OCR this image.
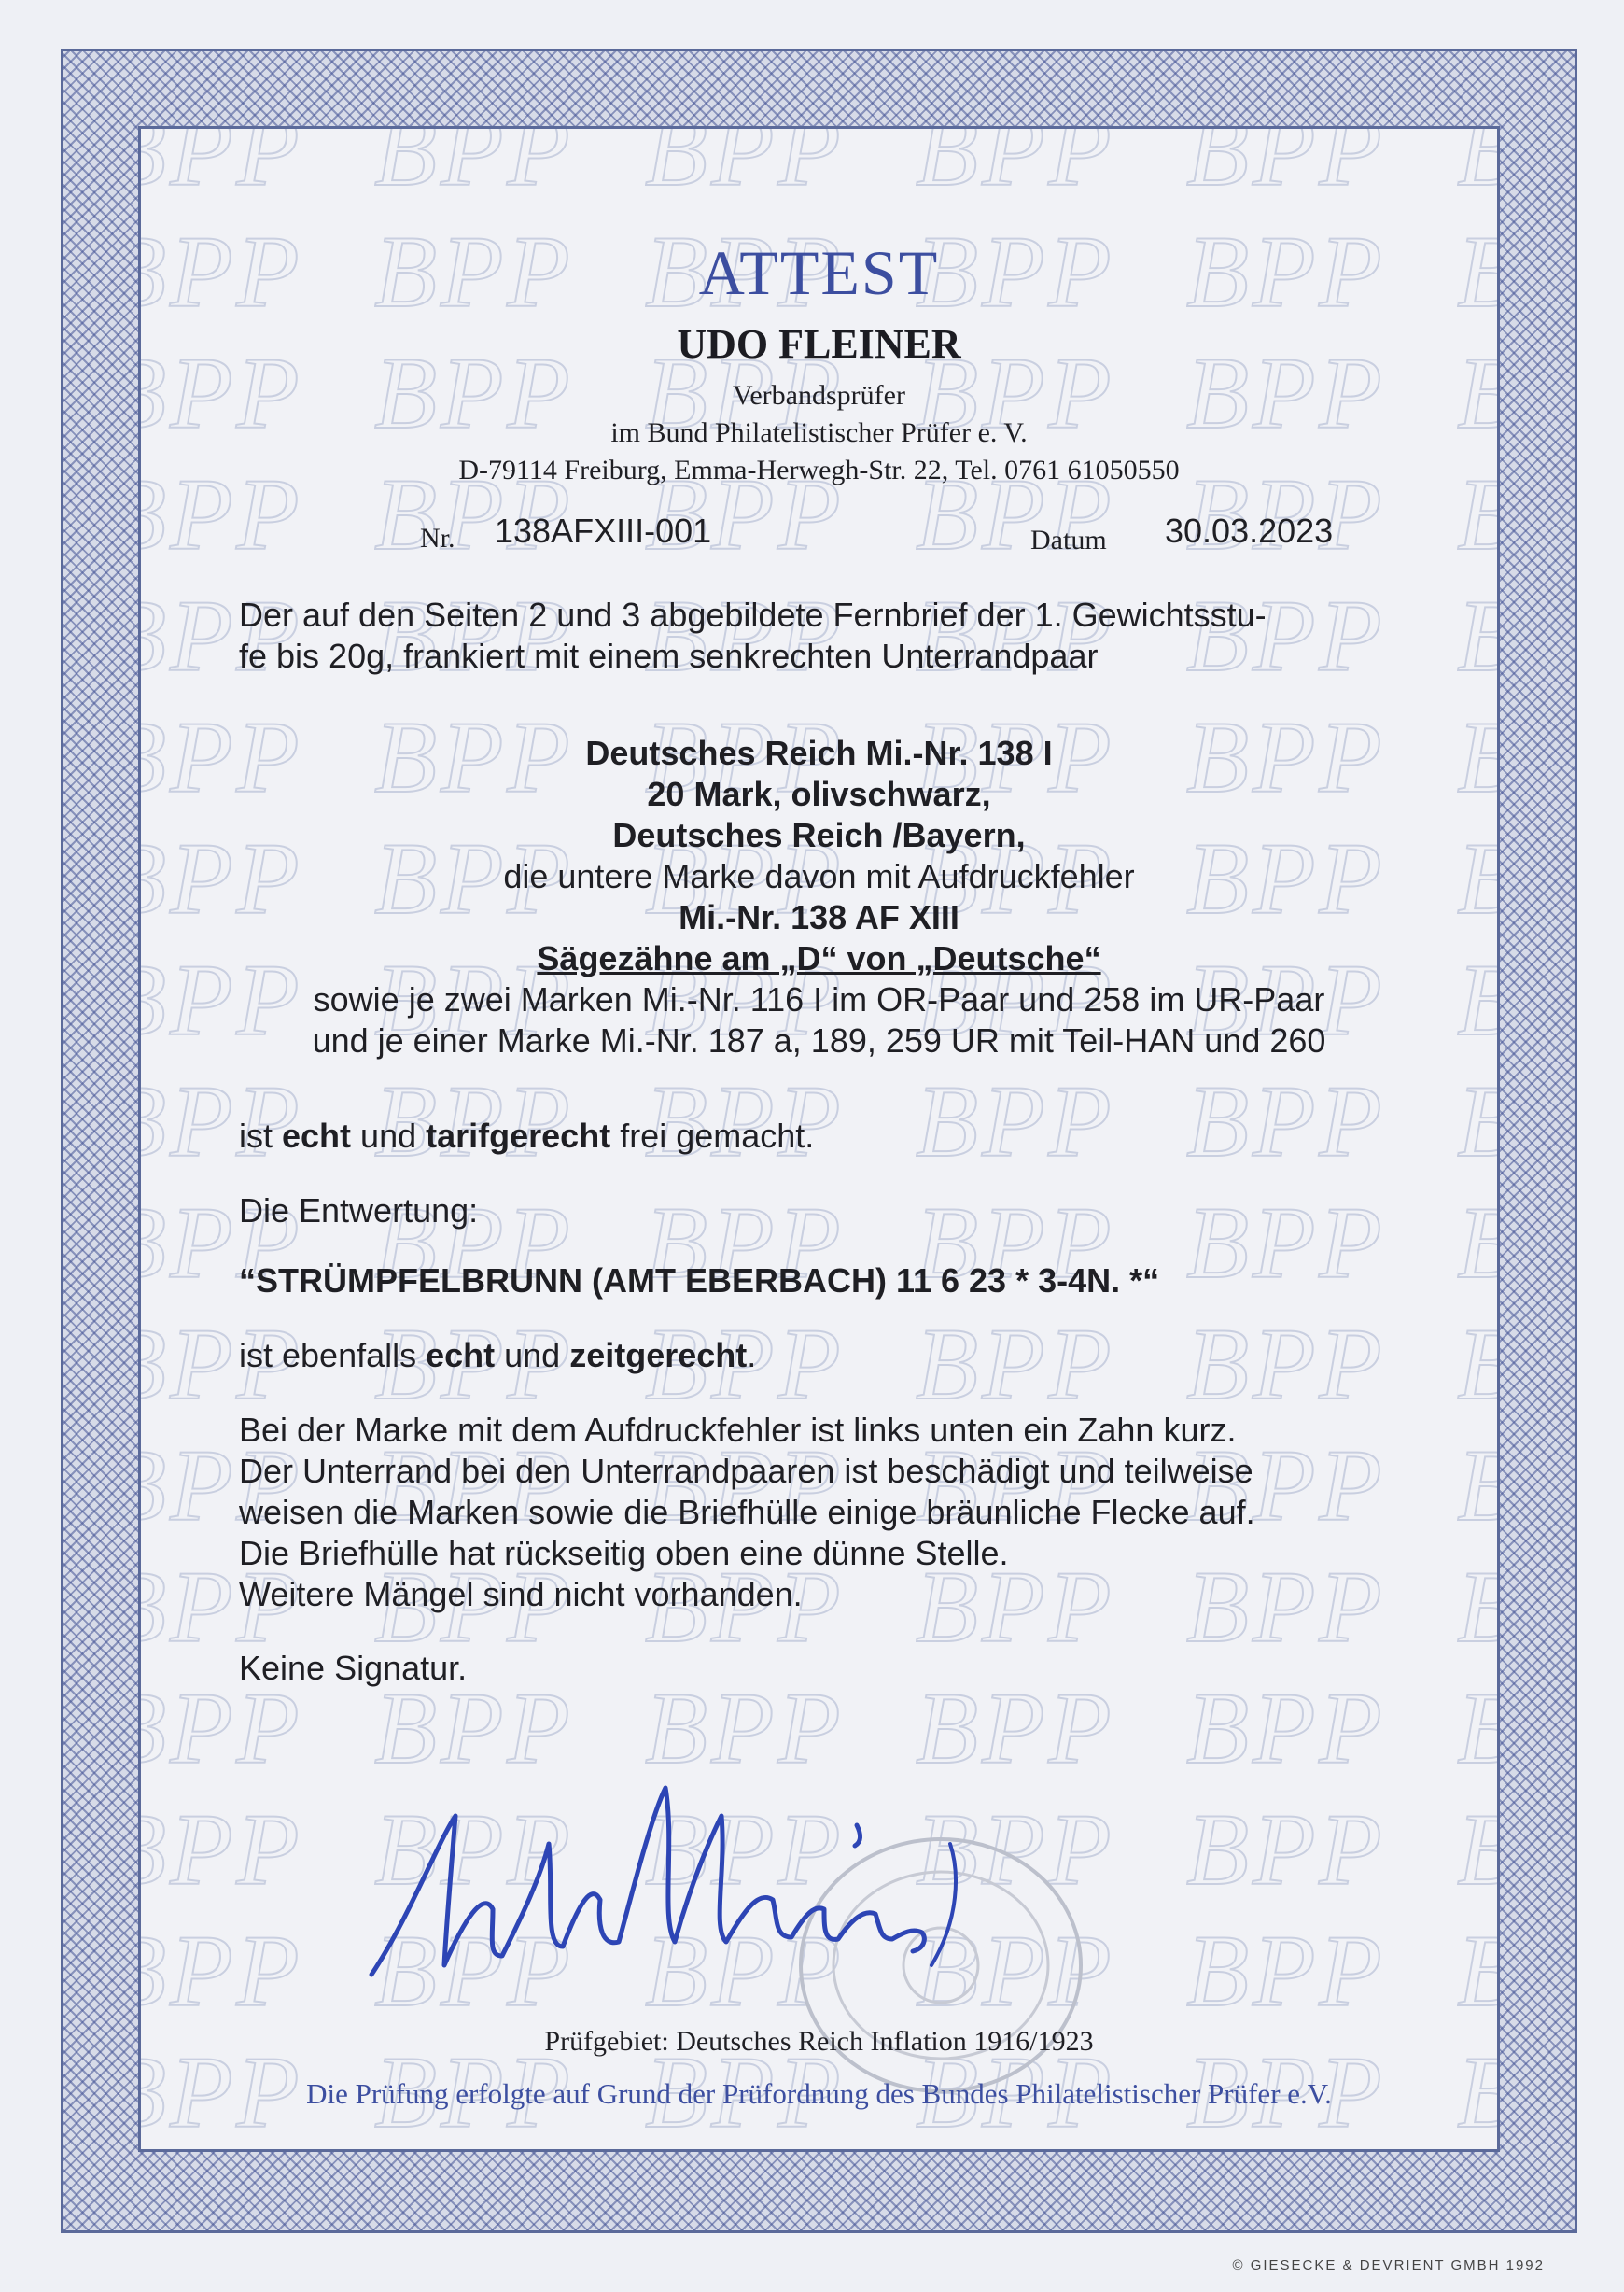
ATTEST
UDO FLEINER
Verbandsprüfer
im Bund Philatelistischer Prüfer e. V.
D-79114 Freiburg, Emma-Herwegh-Str. 22, Tel. 0761 61050550
Nr. 138AFXIII-001	Datum 30.03.2023
Der auf den Seiten 2 und 3 abgebildete Fernbrief der 1. Gewichtsstu-
fe bis 20g, frankiert mit einem senkrechten Unterrandpaar
Deutsches Reich Mi.-Nr. 138 I
20 Mark, olivschwarz,
Deutsches Reich /Bayern,
die untere Marke davon mit Aufdruckfehler
Mi.-Nr. 138 AF XIII
Sägezähne am „D“ von „Deutsche“
sowie je zwei Marken Mi.-Nr. 116 I im OR-Paar und 258 im UR-Paar
und je einer Marke Mi.-Nr. 187 a, 189, 259 UR mit Teil-HAN und 260
ist echt und tarifgerecht frei gemacht.
Die Entwertung:
“STRÜMPFELBRUNN (AMT EBERBACH) 11 6 23 * 3-4N. *“
ist ebenfalls echt und zeitgerecht.
Bei der Marke mit dem Aufdruckfehler ist links unten ein Zahn kurz.
Der Unterrand bei den Unterrandpaaren ist beschädigt und teilweise
weisen die Marken sowie die Briefhülle einige bräunliche Flecke auf.
Die Briefhülle hat rückseitig oben eine dünne Stelle.
Weitere Mängel sind nicht vorhanden.
Keine Signatur.
Prüfgebiet: Deutsches Reich Inflation 1916/1923
Die Prüfung erfolgte auf Grund der Prüfordnung des Bundes Philatelistischer Prüfer e.V.
© GIESECKE & DEVRIENT GMBH 1992
